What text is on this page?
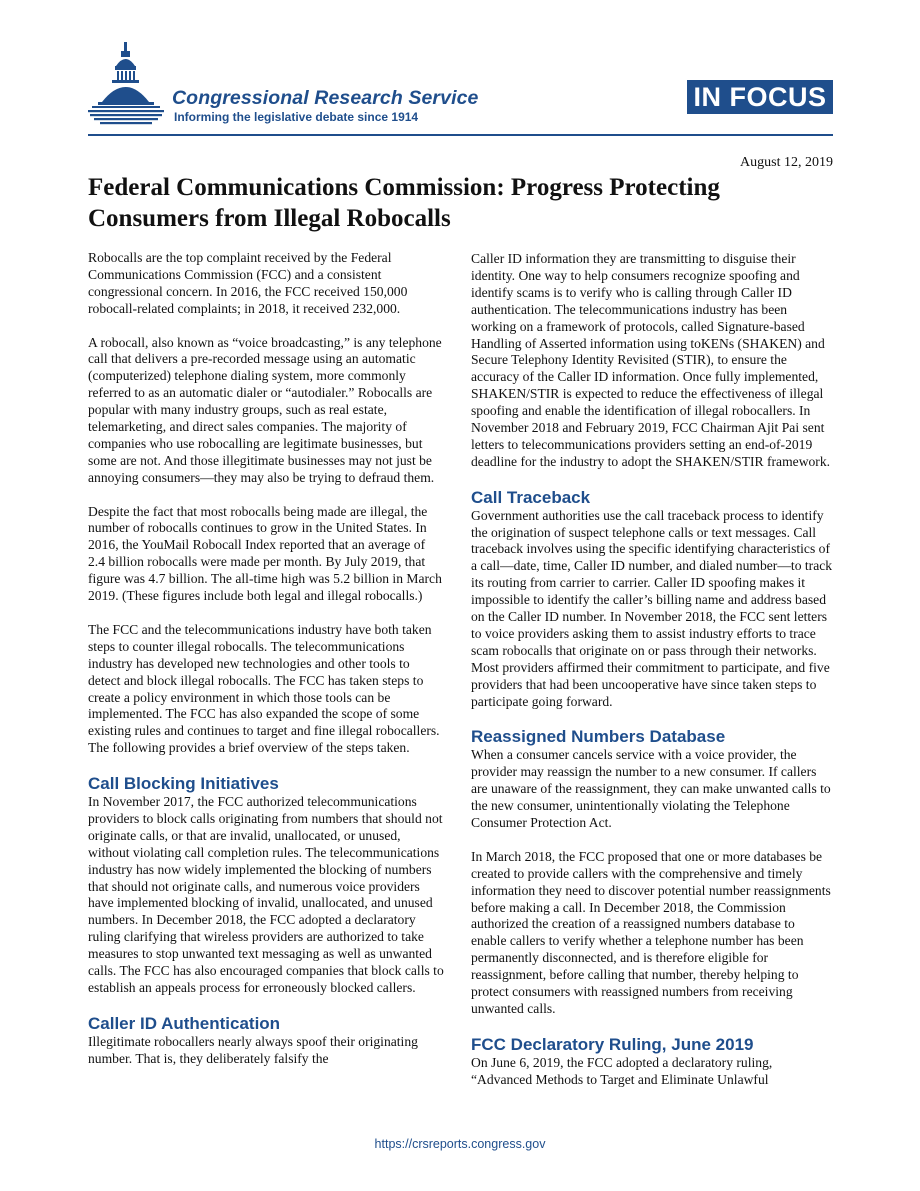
Congressional Research Service
Informing the legislative debate since 1914
IN FOCUS
August 12, 2019
Federal Communications Commission: Progress Protecting Consumers from Illegal Robocalls

Robocalls are the top complaint received by the Federal Communications Commission (FCC) and a consistent congressional concern. In 2016, the FCC received 150,000 robocall-related complaints; in 2018, it received 232,000.

A robocall, also known as “voice broadcasting,” is any telephone call that delivers a pre-recorded message using an automatic (computerized) telephone dialing system, more commonly referred to as an automatic dialer or “autodialer.” Robocalls are popular with many industry groups, such as real estate, telemarketing, and direct sales companies. The majority of companies who use robocalling are legitimate businesses, but some are not. And those illegitimate businesses may not just be annoying consumers—they may also be trying to defraud them.

Despite the fact that most robocalls being made are illegal, the number of robocalls continues to grow in the United States. In 2016, the YouMail Robocall Index reported that an average of 2.4 billion robocalls were made per month. By July 2019, that figure was 4.7 billion. The all-time high was 5.2 billion in March 2019. (These figures include both legal and illegal robocalls.)

The FCC and the telecommunications industry have both taken steps to counter illegal robocalls. The telecommunications industry has developed new technologies and other tools to detect and block illegal robocalls. The FCC has taken steps to create a policy environment in which those tools can be implemented. The FCC has also expanded the scope of some existing rules and continues to target and fine illegal robocallers. The following provides a brief overview of the steps taken.

Call Blocking Initiatives

In November 2017, the FCC authorized telecommunications providers to block calls originating from numbers that should not originate calls, or that are invalid, unallocated, or unused, without violating call completion rules. The telecommunications industry has now widely implemented the blocking of numbers that should not originate calls, and numerous voice providers have implemented blocking of invalid, unallocated, and unused numbers. In December 2018, the FCC adopted a declaratory ruling clarifying that wireless providers are authorized to take measures to stop unwanted text messaging as well as unwanted calls. The FCC has also encouraged companies that block calls to establish an appeals process for erroneously blocked callers.

Caller ID Authentication

Illegitimate robocallers nearly always spoof their originating number. That is, they deliberately falsify the

Caller ID information they are transmitting to disguise their identity. One way to help consumers recognize spoofing and identify scams is to verify who is calling through Caller ID authentication. The telecommunications industry has been working on a framework of protocols, called Signature-based Handling of Asserted information using toKENs (SHAKEN) and Secure Telephony Identity Revisited (STIR), to ensure the accuracy of the Caller ID information. Once fully implemented, SHAKEN/STIR is expected to reduce the effectiveness of illegal spoofing and enable the identification of illegal robocallers. In November 2018 and February 2019, FCC Chairman Ajit Pai sent letters to telecommunications providers setting an end-of-2019 deadline for the industry to adopt the SHAKEN/STIR framework.

Call Traceback

Government authorities use the call traceback process to identify the origination of suspect telephone calls or text messages. Call traceback involves using the specific identifying characteristics of a call—date, time, Caller ID number, and dialed number—to track its routing from carrier to carrier. Caller ID spoofing makes it impossible to identify the caller’s billing name and address based on the Caller ID number. In November 2018, the FCC sent letters to voice providers asking them to assist industry efforts to trace scam robocalls that originate on or pass through their networks. Most providers affirmed their commitment to participate, and five providers that had been uncooperative have since taken steps to participate going forward.

Reassigned Numbers Database

When a consumer cancels service with a voice provider, the provider may reassign the number to a new consumer. If callers are unaware of the reassignment, they can make unwanted calls to the new consumer, unintentionally violating the Telephone Consumer Protection Act.

In March 2018, the FCC proposed that one or more databases be created to provide callers with the comprehensive and timely information they need to discover potential number reassignments before making a call. In December 2018, the Commission authorized the creation of a reassigned numbers database to enable callers to verify whether a telephone number has been permanently disconnected, and is therefore eligible for reassignment, before calling that number, thereby helping to protect consumers with reassigned numbers from receiving unwanted calls.

FCC Declaratory Ruling, June 2019

On June 6, 2019, the FCC adopted a declaratory ruling, “Advanced Methods to Target and Eliminate Unlawful

https://crsreports.congress.gov
